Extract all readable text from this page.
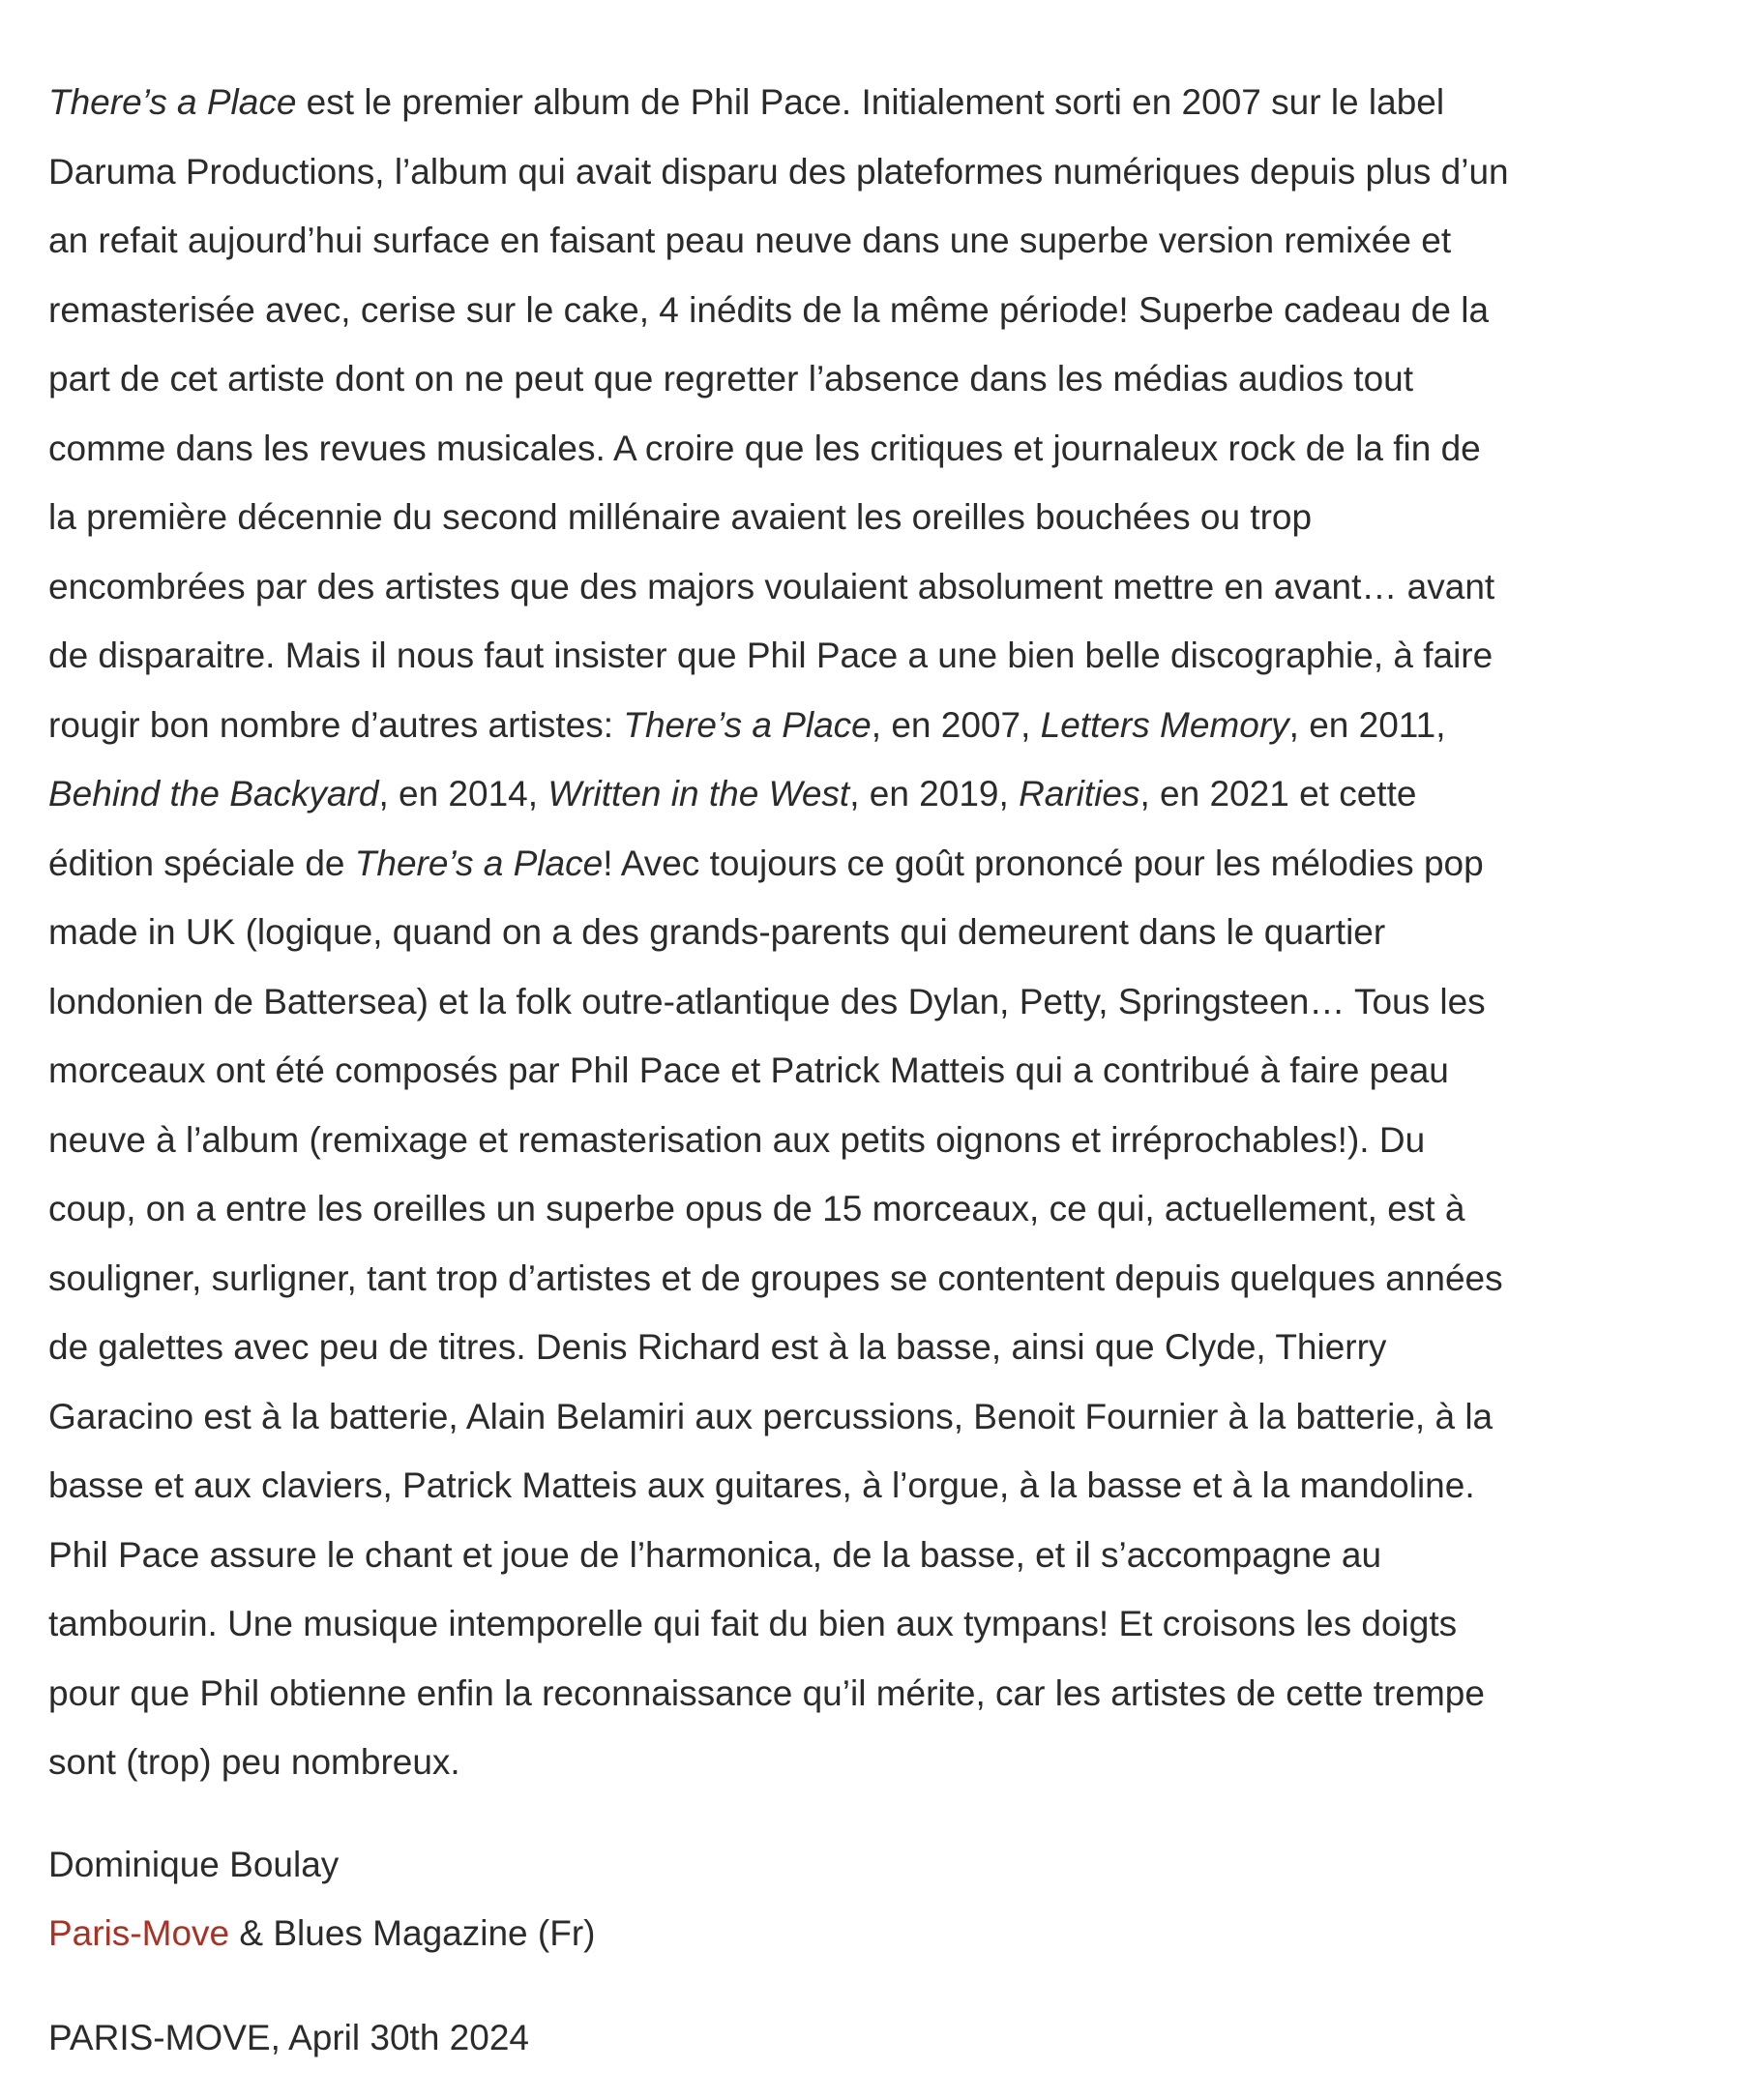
There’s a Place est le premier album de Phil Pace. Initialement sorti en 2007 sur le label
Daruma Productions, l’album qui avait disparu des plateformes numériques depuis plus d’un
an refait aujourd’hui surface en faisant peau neuve dans une superbe version remixée et
remasterisée avec, cerise sur le cake, 4 inédits de la même période! Superbe cadeau de la
part de cet artiste dont on ne peut que regretter l’absence dans les médias audios tout
comme dans les revues musicales. A croire que les critiques et journaleux rock de la fin de
la première décennie du second millénaire avaient les oreilles bouchées ou trop
encombrées par des artistes que des majors voulaient absolument mettre en avant… avant
de disparaitre. Mais il nous faut insister que Phil Pace a une bien belle discographie, à faire
rougir bon nombre d’autres artistes: There’s a Place, en 2007, Letters Memory, en 2011,
Behind the Backyard, en 2014, Written in the West, en 2019, Rarities, en 2021 et cette
édition spéciale de There’s a Place! Avec toujours ce goût prononcé pour les mélodies pop
made in UK (logique, quand on a des grands-parents qui demeurent dans le quartier
londonien de Battersea) et la folk outre-atlantique des Dylan, Petty, Springsteen… Tous les
morceaux ont été composés par Phil Pace et Patrick Matteis qui a contribué à faire peau
neuve à l’album (remixage et remasterisation aux petits oignons et irréprochables!). Du
coup, on a entre les oreilles un superbe opus de 15 morceaux, ce qui, actuellement, est à
souligner, surligner, tant trop d’artistes et de groupes se contentent depuis quelques années
de galettes avec peu de titres. Denis Richard est à la basse, ainsi que Clyde, Thierry
Garacino est à la batterie, Alain Belamiri aux percussions, Benoit Fournier à la batterie, à la
basse et aux claviers, Patrick Matteis aux guitares, à l’orgue, à la basse et à la mandoline.
Phil Pace assure le chant et joue de l’harmonica, de la basse, et il s’accompagne au
tambourin. Une musique intemporelle qui fait du bien aux tympans! Et croisons les doigts
pour que Phil obtienne enfin la reconnaissance qu’il mérite, car les artistes de cette trempe
sont (trop) peu nombreux.

Dominique Boulay
Paris-Move & Blues Magazine (Fr)
PARIS-MOVE, April 30th 2024
